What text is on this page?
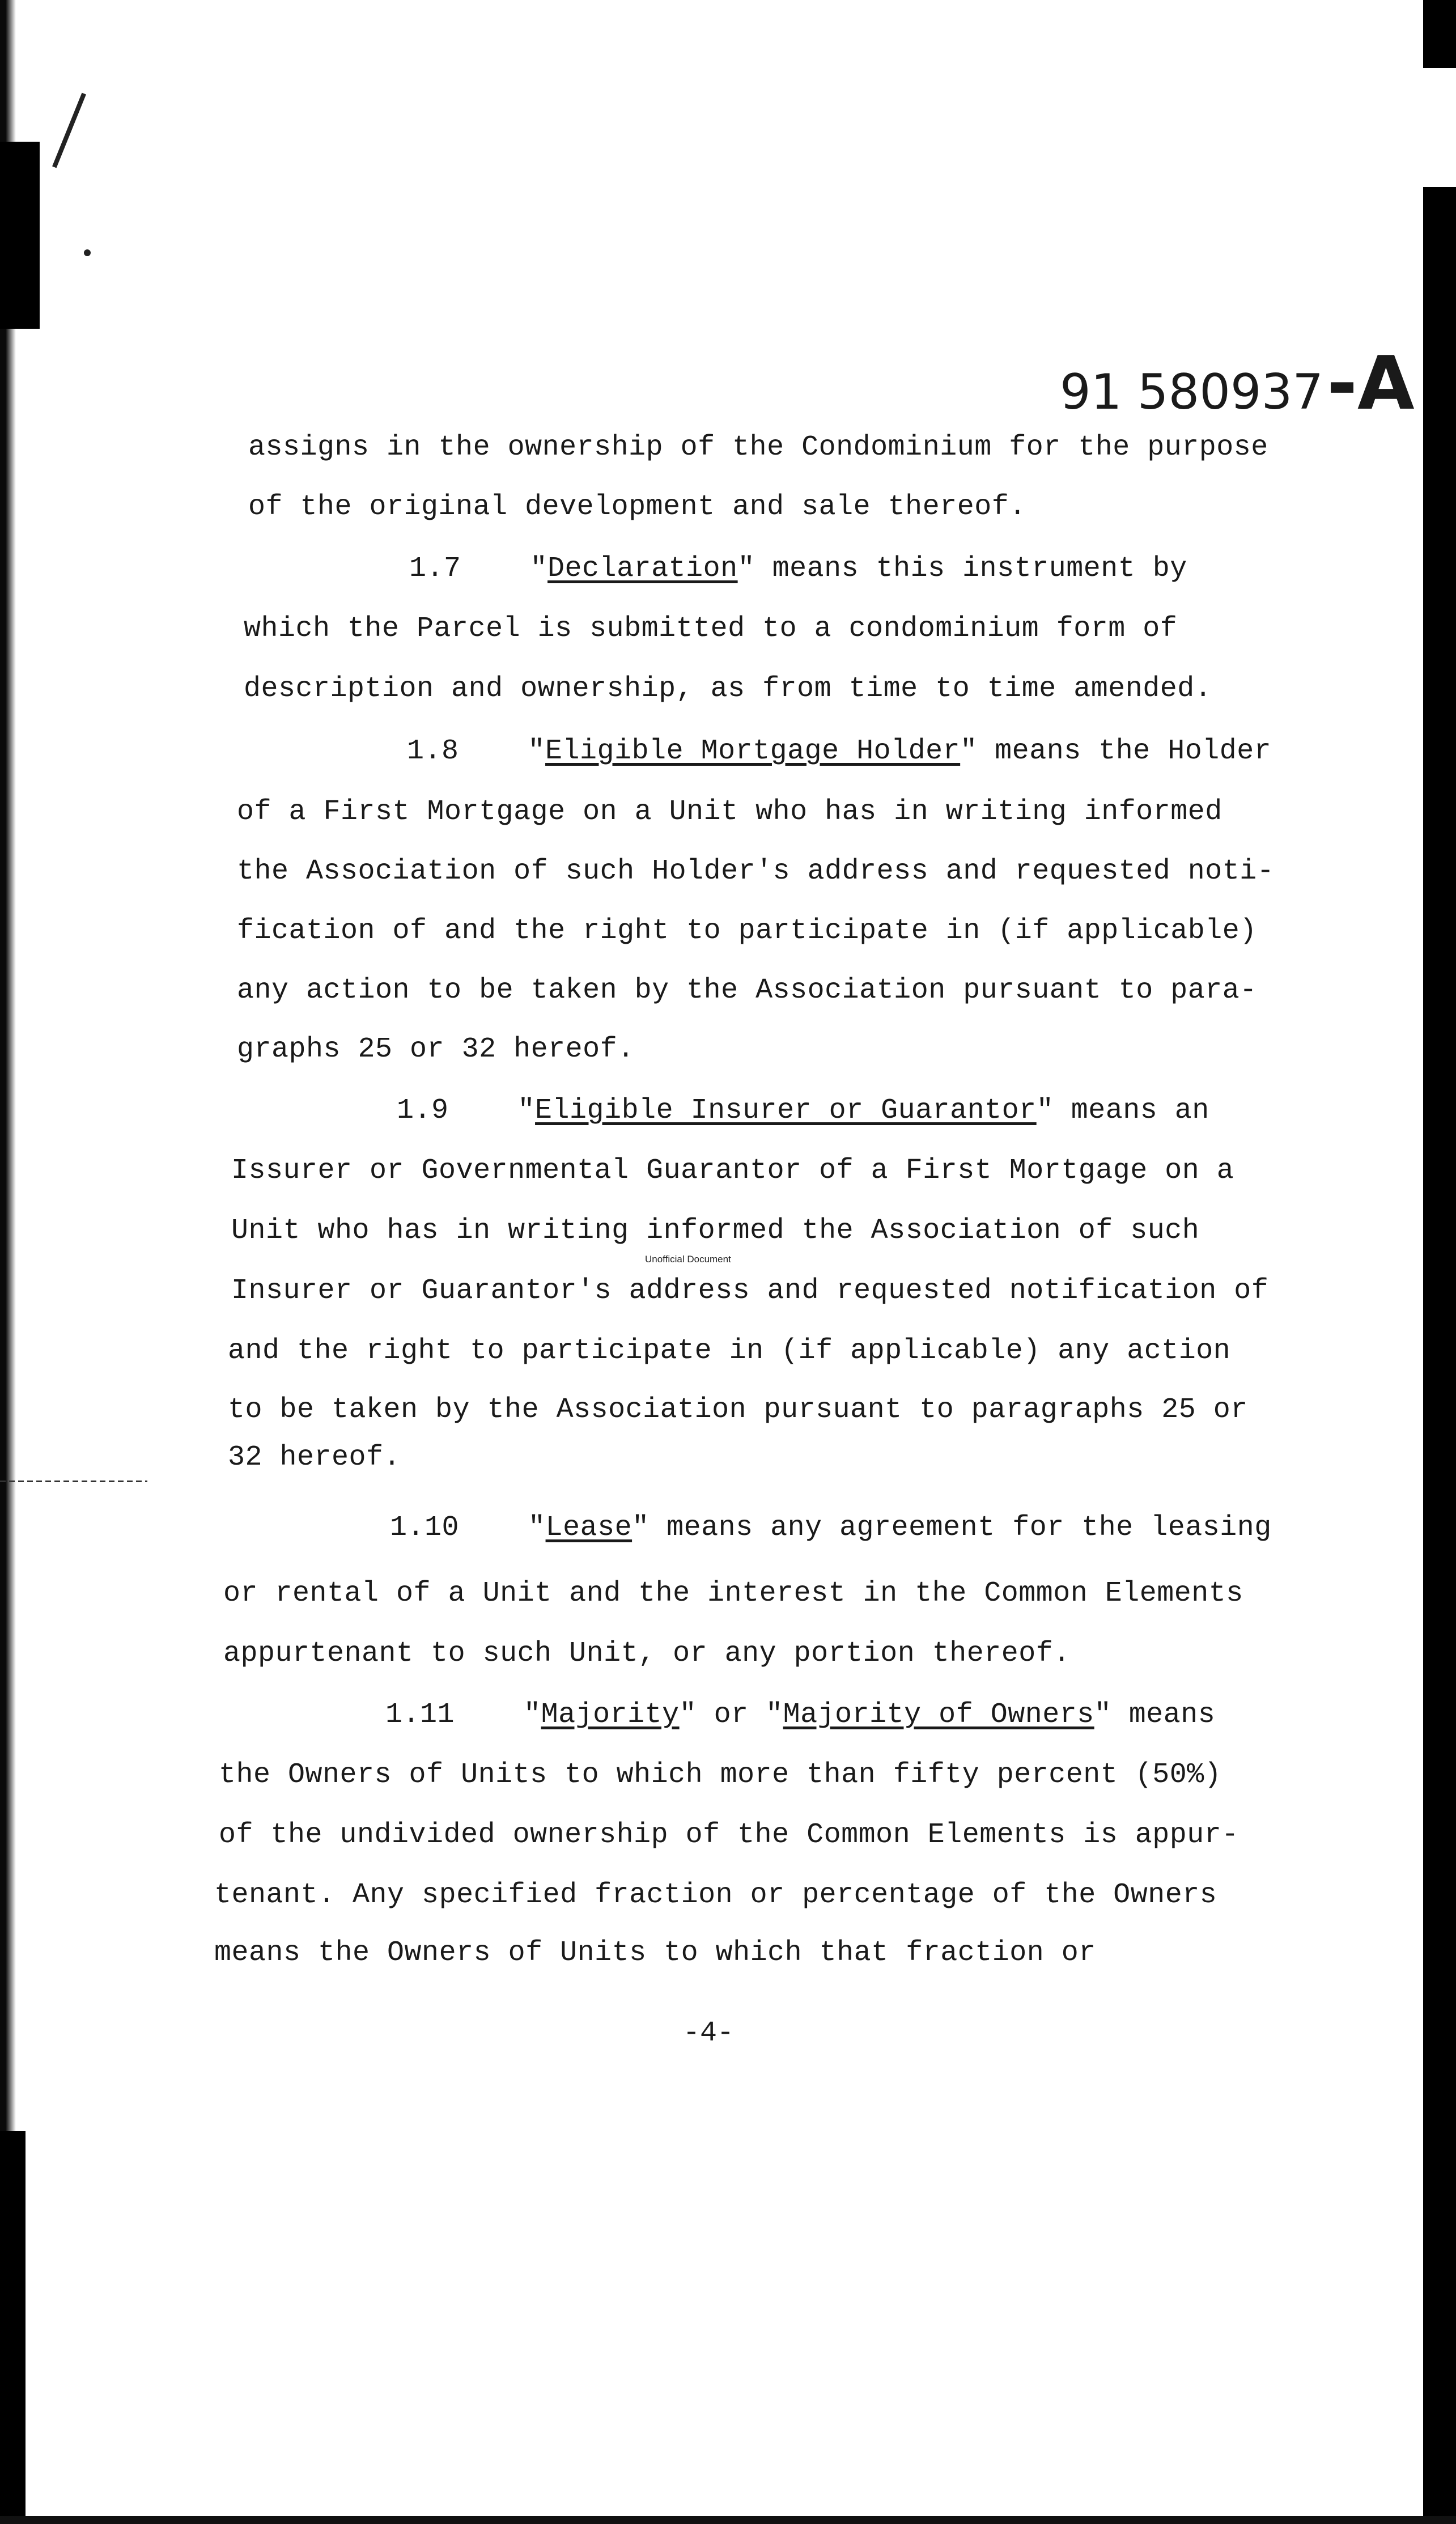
91 580937-A
assigns in the ownership of the Condominium for the purpose
of the original development and sale thereof.
1.7    "Declaration" means this instrument by
which the Parcel is submitted to a condominium form of
description and ownership, as from time to time amended.
1.8    "Eligible Mortgage Holder" means the Holder
of a First Mortgage on a Unit who has in writing informed
the Association of such Holder's address and requested noti-
fication of and the right to participate in (if applicable)
any action to be taken by the Association pursuant to para-
graphs 25 or 32 hereof.
1.9    "Eligible Insurer or Guarantor" means an
Issurer or Governmental Guarantor of a First Mortgage on a
Unit who has in writing informed the Association of such
Insurer or Guarantor's address and requested notification of
and the right to participate in (if applicable) any action
to be taken by the Association pursuant to paragraphs 25 or
32 hereof.
Unofficial Document
1.10    "Lease" means any agreement for the leasing
or rental of a Unit and the interest in the Common Elements
appurtenant to such Unit, or any portion thereof.
1.11    "Majority" or "Majority of Owners" means
the Owners of Units to which more than fifty percent (50%)
of the undivided ownership of the Common Elements is appur-
tenant. Any specified fraction or percentage of the Owners
means the Owners of Units to which that fraction or
-4-
